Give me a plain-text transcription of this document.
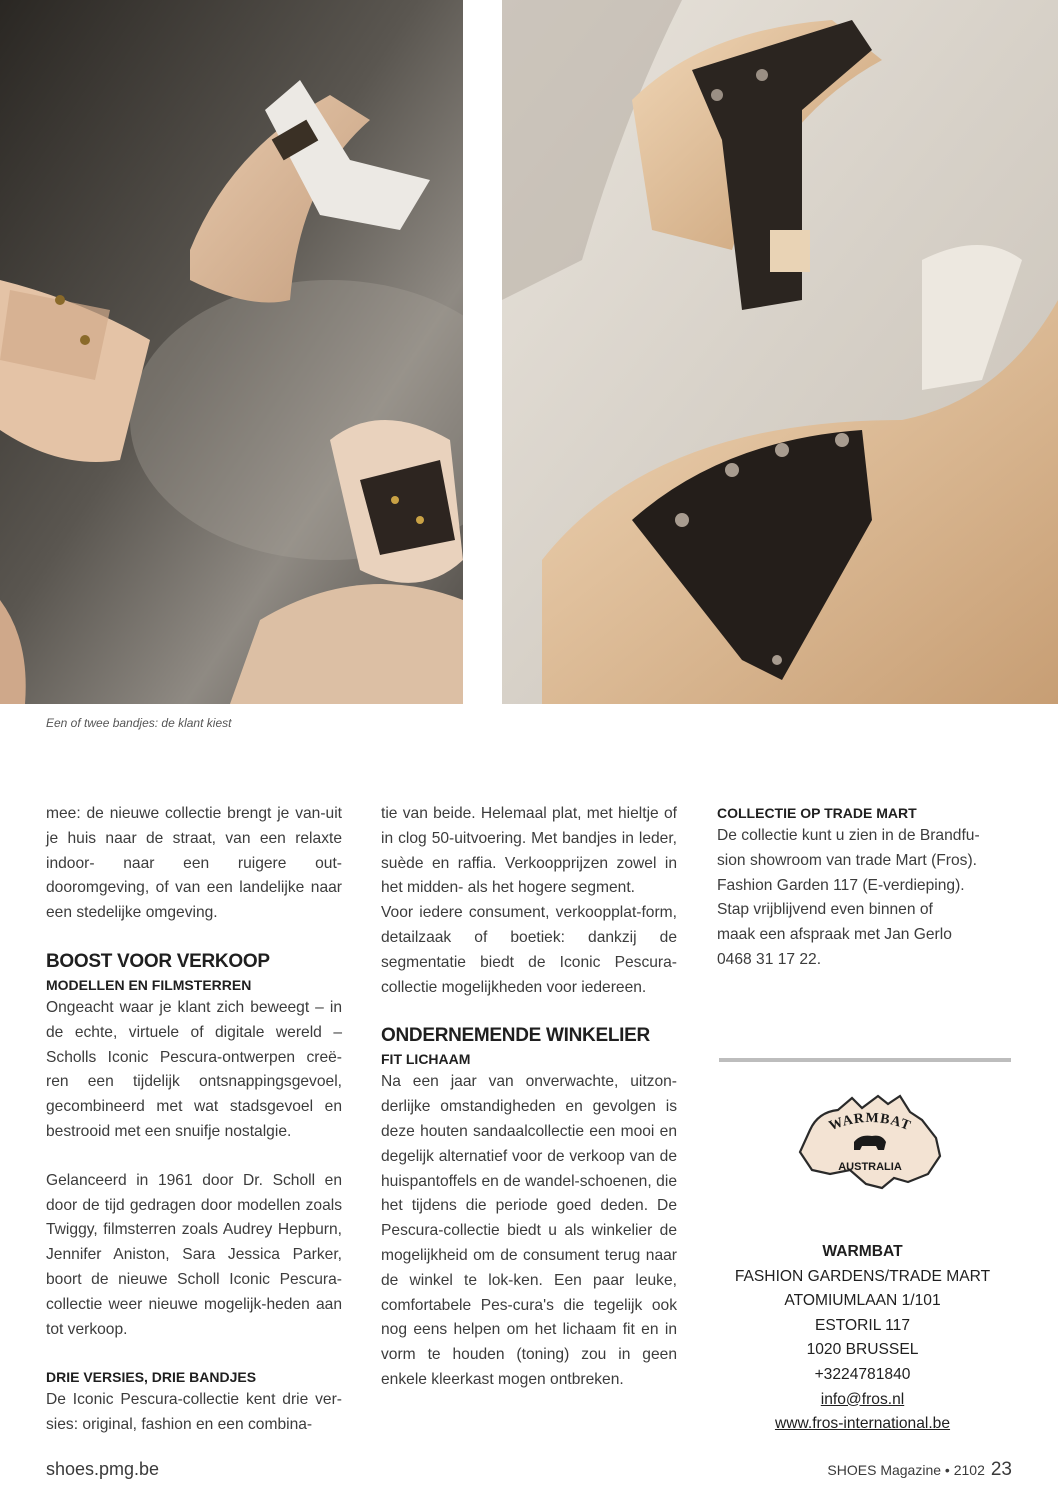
Een of twee bandjes: de klant kiest

mee: de nieuwe collectie brengt je van-uit je huis naar de straat, van een relaxte indoor- naar een ruigere out-dooromgeving, of van een landelijke naar een stedelijke omgeving.

BOOST VOOR VERKOOP
MODELLEN EN FILMSTERREN

Ongeacht waar je klant zich beweegt – in de echte, virtuele of digitale wereld – Scholls Iconic Pescura-ontwerpen creë-ren een tijdelijk ontsnappingsgevoel, gecombineerd met wat stadsgevoel en bestrooid met een snuifje nostalgie.

Gelanceerd in 1961 door Dr. Scholl en door de tijd gedragen door modellen zoals Twiggy, filmsterren zoals Audrey Hepburn, Jennifer Aniston, Sara Jessica Parker, boort de nieuwe Scholl Iconic Pescura-collectie weer nieuwe mogelijk-heden aan tot verkoop.

DRIE VERSIES, DRIE BANDJES

De Iconic Pescura-collectie kent drie ver-sies: original, fashion en een combina-

tie van beide. Helemaal plat, met hieltje of in clog 50-uitvoering. Met bandjes in leder, suède en raffia. Verkoopprijzen zowel in het midden- als het hogere segment.

Voor iedere consument, verkoopplat-form, detailzaak of boetiek: dankzij de segmentatie biedt de Iconic Pescura-collectie mogelijkheden voor iedereen.

ONDERNEMENDE WINKELIER
FIT LICHAAM

Na een jaar van onverwachte, uitzon-derlijke omstandigheden en gevolgen is deze houten sandaalcollectie een mooi en degelijk alternatief voor de verkoop van de huispantoffels en de wandel-schoenen, die het tijdens die periode goed deden. De Pescura-collectie biedt u als winkelier de mogelijkheid om de consument terug naar de winkel te lok-ken. Een paar leuke, comfortabele Pes-cura's die tegelijk ook nog eens helpen om het lichaam fit en in vorm te houden (toning) zou in geen enkele kleerkast mogen ontbreken.

COLLECTIE OP TRADE MART
De collectie kunt u zien in de Brandfu-
sion showroom van trade Mart (Fros).
Fashion Garden 117 (E-verdieping).
Stap vrijblijvend even binnen of
maak een afspraak met Jan Gerlo
0468 31 17 22.
WARMBAT
AUSTRALIA
WARMBAT
FASHION GARDENS/TRADE MART
ATOMIUMLAAN 1/101
ESTORIL 117
1020 BRUSSEL
+3224781840
info@fros.nl
www.fros-international.be
shoes.pmg.be	SHOES Magazine • 2102 23
